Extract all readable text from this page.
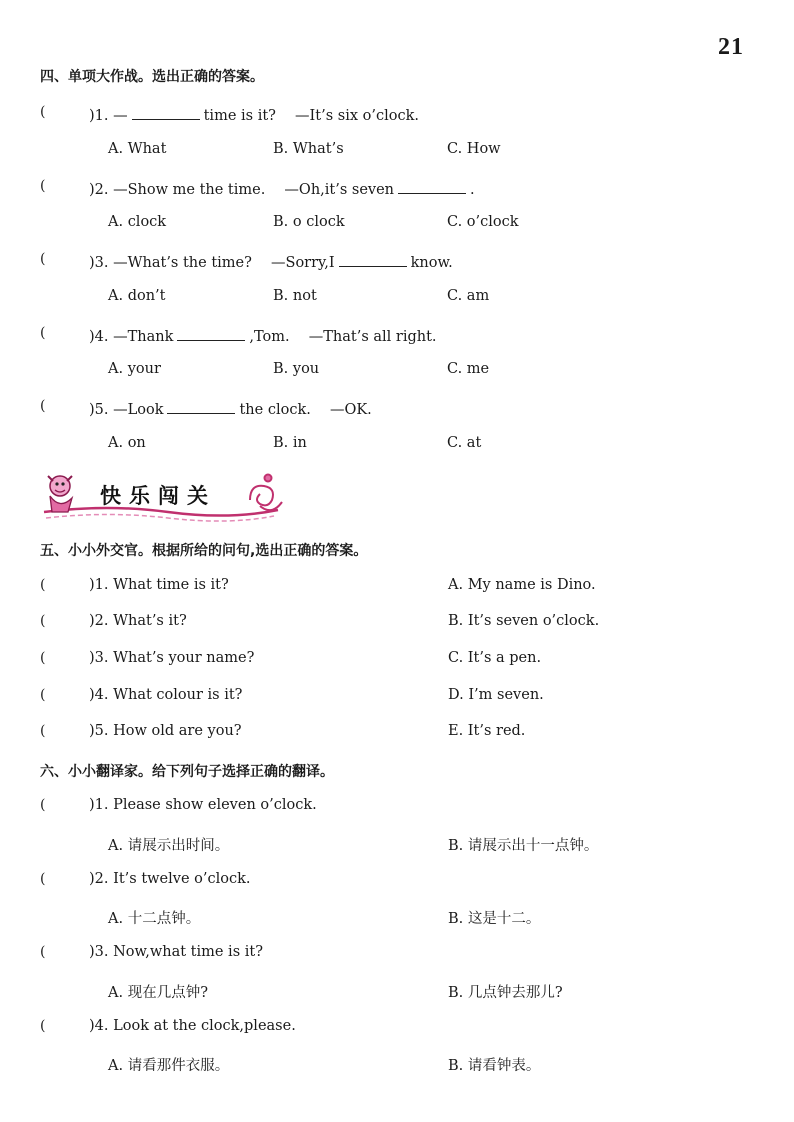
21
四、单项大作战。选出正确的答案。
(	)1. —	time is it?　 —It’s six o’clock.
A. What	B. What’s	C. How
(	)2. —Show me the time.　 —Oh,it’s seven	.
A. clock	B. o clock	C. o’clock
(	)3. —What’s the time?　 —Sorry,I	know.
A. don’t	B. not	C. am
(	)4. —Thank	,Tom.　 —That’s all right.
A. your	B. you	C. me
(	)5. —Look	the clock.　 —OK.
A. on	B. in	C. at
快乐闯关
五、小小外交官。根据所给的问句,选出正确的答案。
(	)1. What time is it?	A. My name is Dino.
(	)2. What’s it?	B. It’s seven o’clock.
(	)3. What’s your name?	C. It’s a pen.
(	)4. What colour is it?	D. I’m seven.
(	)5. How old are you?	E. It’s red.
六、小小翻译家。给下列句子选择正确的翻译。
(	)1. Please show eleven o’clock.
A. 请展示出时间。	B. 请展示出十一点钟。
(	)2. It’s twelve o’clock.
A. 十二点钟。	B. 这是十二。
(	)3. Now,what time is it?
A. 现在几点钟?	B. 几点钟去那儿?
(	)4. Look at the clock,please.
A. 请看那件衣服。	B. 请看钟表。
